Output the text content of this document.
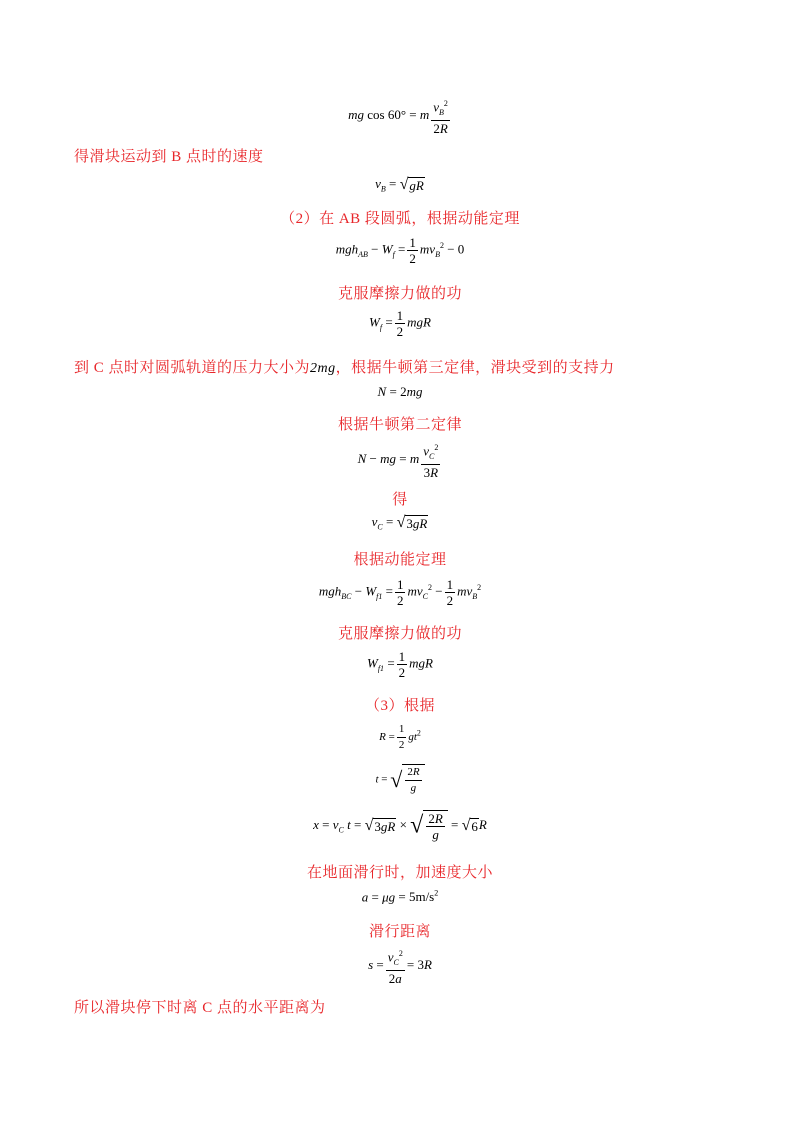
mg cos 60° = m $\frac{v_B^2}{2R}$
得滑块运动到 B 点时的速度
$v_B = √gR$
（2）在 AB 段圆弧，根据动能定理
$mgh_{AB} - W_f = \frac{1}{2} mv_B^2 - 0$
克服摩擦力做的功
$W_f = \frac{1}{2}$ mgR
到 C 点时对圆弧轨道的压力大小为2mg，根据牛顿第三定律，滑块受到的支持力
N = 2mg
根据牛顿第二定律
N − mg = m $\frac{v_C^2}{3R}$
得
$v_C = √3gR$
根据动能定理
$mgh_{BC} - W_{f1} = \frac{1}{2} mv_C^2 - \frac{1}{2} mv_B^2$
克服摩擦力做的功
$W_{f1} = \frac{1}{2}$ mgR
（3）根据
$R = \frac{1}{2} gt^2$
t = √ $\frac{2R}{g}$
$x = v_C$ t = √3gR × √ $\frac{2R}{g} = √6R$
在地面滑行时，加速度大小
$a = \mu g = 5m/s^2$
滑行距离
$s = \frac{v_C^2}{2a} = 3R$
所以滑块停下时离 C 点的水平距离为
